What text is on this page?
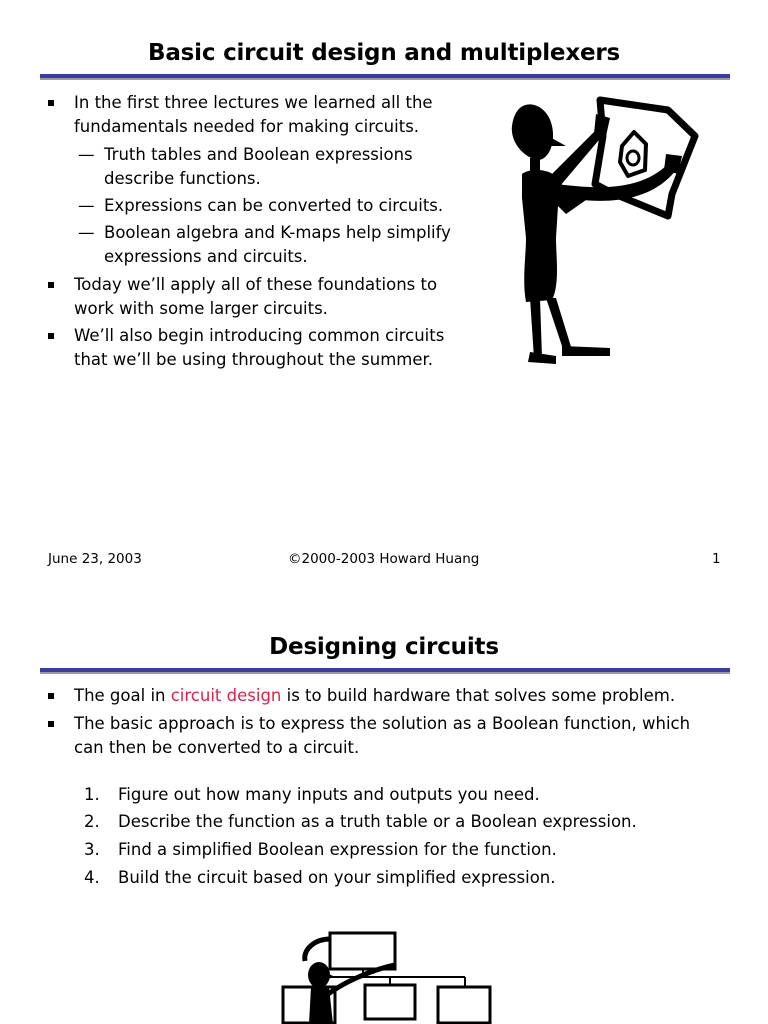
Basic circuit design and multiplexers
In the first three lectures we learned all the
fundamentals needed for making circuits.
— Truth tables and Boolean expressions
describe functions.
— Expressions can be converted to circuits.
— Boolean algebra and K-maps help simplify
expressions and circuits.
Today we’ll apply all of these foundations to
work with some larger circuits.
We’ll also begin introducing common circuits
that we’ll be using throughout the summer.
June 23, 2003	©2000-2003 Howard Huang	1
Designing circuits
The goal in circuit design is to build hardware that solves some problem.
The basic approach is to express the solution as a Boolean function, which
can then be converted to a circuit.
1. Figure out how many inputs and outputs you need.
2. Describe the function as a truth table or a Boolean expression.
3. Find a simplified Boolean expression for the function.
4. Build the circuit based on your simplified expression.
